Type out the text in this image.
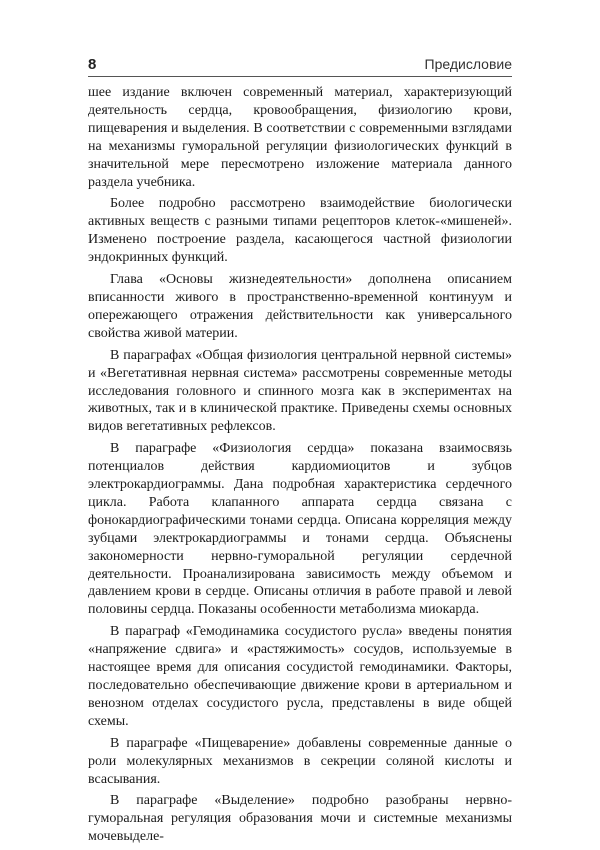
8	Предисловие

шее издание включен современный материал, характеризующий деятельность сердца, кровообращения, физиологию крови, пищеварения и выделения. В соответствии с современными взглядами на механизмы гуморальной регуляции физиологических функций в значительной мере пересмотрено изложение материала данного раздела учебника.

Более подробно рассмотрено взаимодействие биологически активных веществ с разными типами рецепторов клеток-«мишеней». Изменено построение раздела, касающегося частной физиологии эндокринных функций.

Глава «Основы жизнедеятельности» дополнена описанием вписанности живого в пространственно-временной континуум и опережающего отражения действительности как универсального свойства живой материи.

В параграфах «Общая физиология центральной нервной системы» и «Вегетативная нервная система» рассмотрены современные методы исследования головного и спинного мозга как в экспериментах на животных, так и в клинической практике. Приведены схемы основных видов вегетативных рефлексов.

В параграфе «Физиология сердца» показана взаимосвязь потенциалов действия кардиомиоцитов и зубцов электрокардиограммы. Дана подробная характеристика сердечного цикла. Работа клапанного аппарата сердца связана с фонокардиографическими тонами сердца. Описана корреляция между зубцами электрокардиограммы и тонами сердца. Объяснены закономерности нервно-гуморальной регуляции сердечной деятельности. Проанализирована зависимость между объемом и давлением крови в сердце. Описаны отличия в работе правой и левой половины сердца. Показаны особенности метаболизма миокарда.

В параграф «Гемодинамика сосудистого русла» введены понятия «напряжение сдвига» и «растяжимость» сосудов, используемые в настоящее время для описания сосудистой гемодинамики. Факторы, последовательно обеспечивающие движение крови в артериальном и венозном отделах сосудистого русла, представлены в виде общей схемы.

В параграфе «Пищеварение» добавлены современные данные о роли молекулярных механизмов в секреции соляной кислоты и всасывания.

В параграфе «Выделение» подробно разобраны нервно-гуморальная регуляция образования мочи и системные механизмы мочевыделе-
